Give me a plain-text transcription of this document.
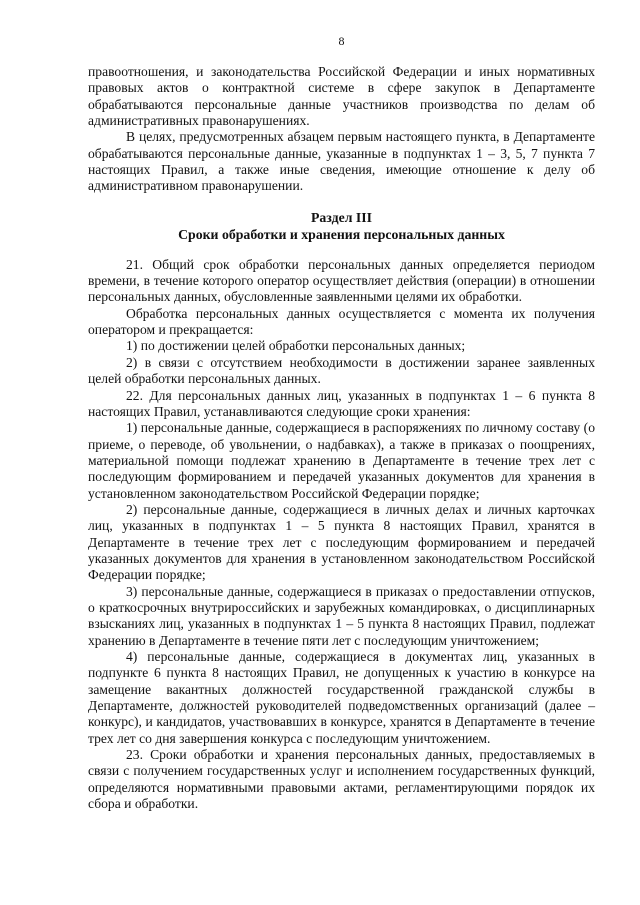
8

правоотношения, и законодательства Российской Федерации и иных нормативных правовых актов о контрактной системе в сфере закупок в Департаменте обрабатываются персональные данные участников производства по делам об административных правонарушениях.

В целях, предусмотренных абзацем первым настоящего пункта, в Департаменте обрабатываются персональные данные, указанные в подпунктах 1 – 3, 5, 7 пункта 7 настоящих Правил, а также иные сведения, имеющие отношение к делу об административном правонарушении.

Раздел III
Сроки обработки и хранения персональных данных

21. Общий срок обработки персональных данных определяется периодом времени, в течение которого оператор осуществляет действия (операции) в отношении персональных данных, обусловленные заявленными целями их обработки.

Обработка персональных данных осуществляется с момента их получения оператором и прекращается:

1) по достижении целей обработки персональных данных;

2) в связи с отсутствием необходимости в достижении заранее заявленных целей обработки персональных данных.

22. Для персональных данных лиц, указанных в подпунктах 1 – 6 пункта 8 настоящих Правил, устанавливаются следующие сроки хранения:

1) персональные данные, содержащиеся в распоряжениях по личному составу (о приеме, о переводе, об увольнении, о надбавках), а также в приказах о поощрениях, материальной помощи подлежат хранению в Департаменте в течение трех лет с последующим формированием и передачей указанных документов для хранения в установленном законодательством Российской Федерации порядке;

2) персональные данные, содержащиеся в личных делах и личных карточках лиц, указанных в подпунктах 1 – 5 пункта 8 настоящих Правил, хранятся в Департаменте в течение трех лет с последующим формированием и передачей указанных документов для хранения в установленном законодательством Российской Федерации порядке;

3) персональные данные, содержащиеся в приказах о предоставлении отпусков, о краткосрочных внутрироссийских и зарубежных командировках, о дисциплинарных взысканиях лиц, указанных в подпунктах 1 – 5 пункта 8 настоящих Правил, подлежат хранению в Департаменте в течение пяти лет с последующим уничтожением;

4) персональные данные, содержащиеся в документах лиц, указанных в подпункте 6 пункта 8 настоящих Правил, не допущенных к участию в конкурсе на замещение вакантных должностей государственной гражданской службы в Департаменте, должностей руководителей подведомственных организаций (далее – конкурс), и кандидатов, участвовавших в конкурсе, хранятся в Департаменте в течение трех лет со дня завершения конкурса с последующим уничтожением.

23. Сроки обработки и хранения персональных данных, предоставляемых в связи с получением государственных услуг и исполнением государственных функций, определяются нормативными правовыми актами, регламентирующими порядок их сбора и обработки.
